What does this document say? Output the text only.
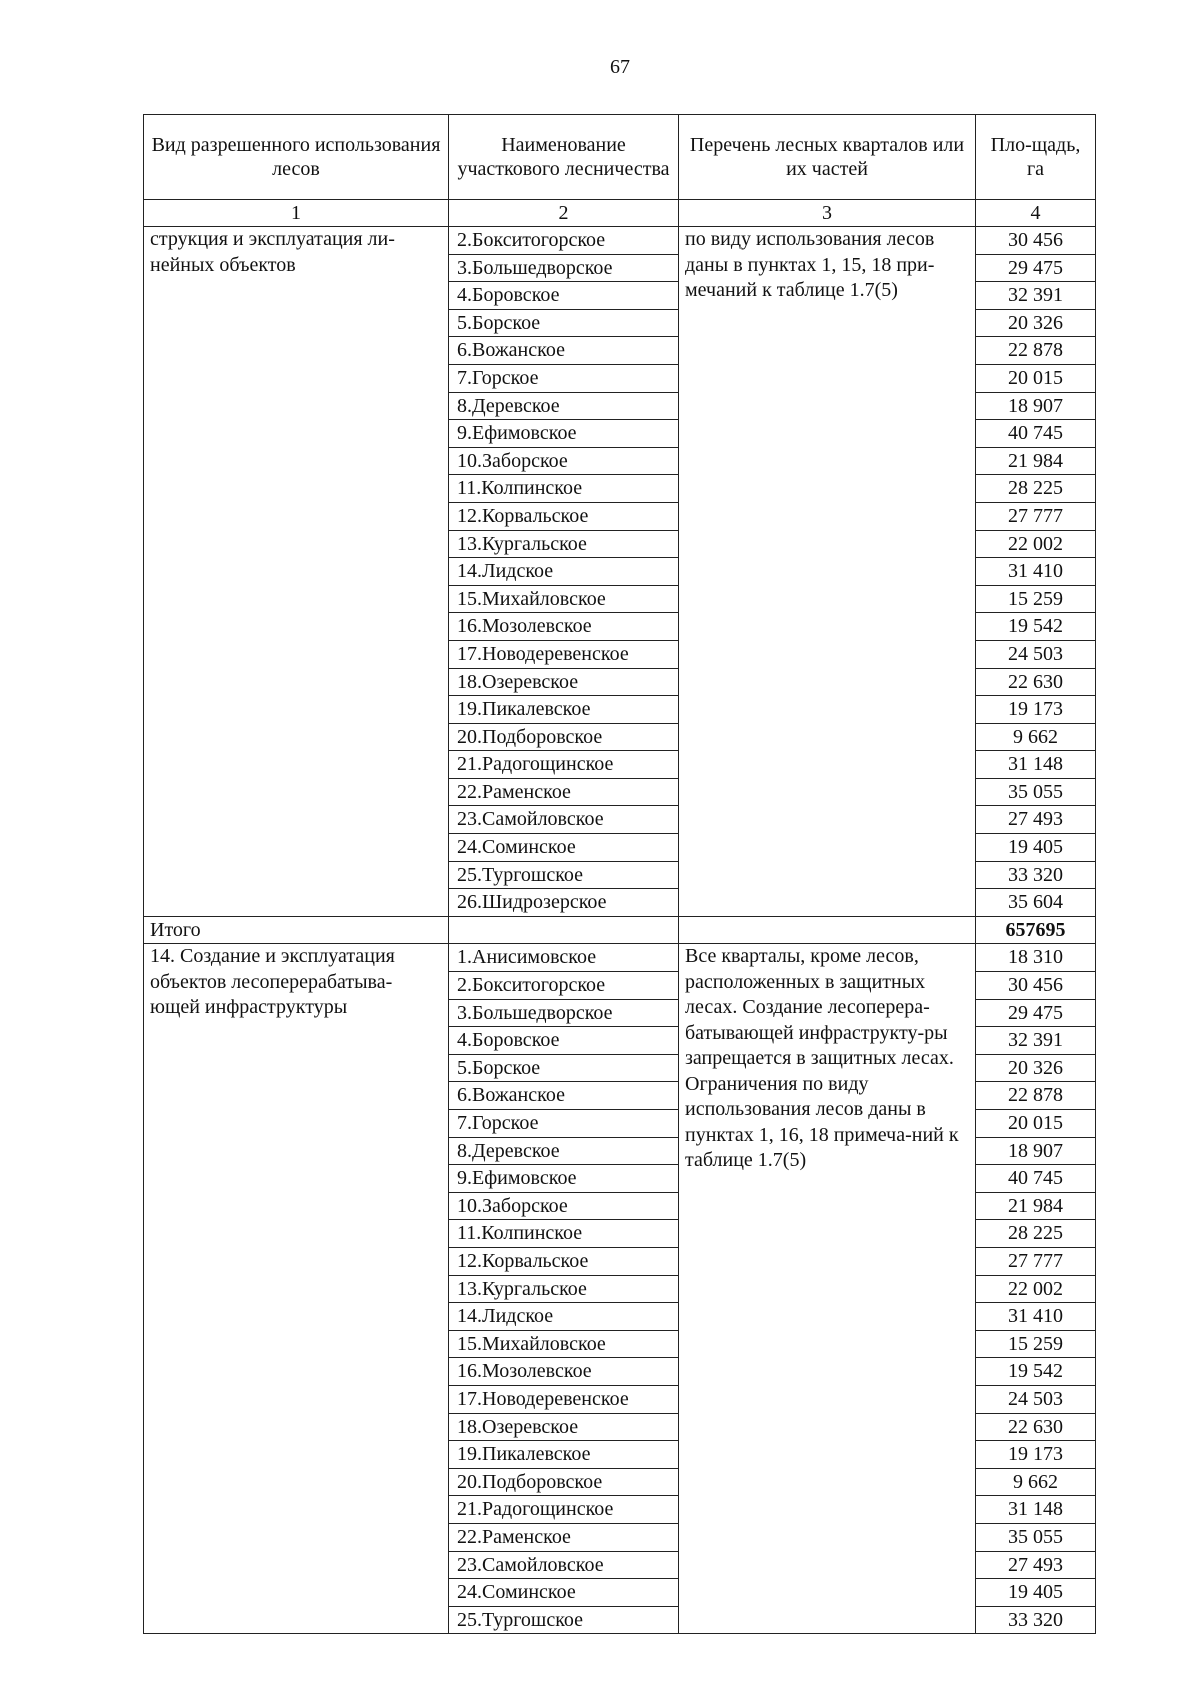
67
Вид разрешенного использования лесов	Наименование участкового лесничества	Перечень лесных кварталов или их частей	Пло-щадь, га
1	2	3	4
струкция и эксплуатация ли-нейных объектов	2.Бокситогорское	по виду использования лесов даны в пунктах 1, 15, 18 при-мечаний к таблице 1.7(5)	30 456
	3.Большедворское		29 475
	4.Боровское		32 391
	5.Борское		20 326
	6.Вожанское		22 878
	7.Горское		20 015
	8.Деревское		18 907
	9.Ефимовское		40 745
	10.Заборское		21 984
	11.Колпинское		28 225
	12.Корвальское		27 777
	13.Кургальское		22 002
	14.Лидское		31 410
	15.Михайловское		15 259
	16.Мозолевское		19 542
	17.Новодеревенское		24 503
	18.Озеревское		22 630
	19.Пикалевское		19 173
	20.Подборовское		9 662
	21.Радогощинское		31 148
	22.Раменское		35 055
	23.Самойловское		27 493
	24.Соминское		19 405
	25.Тургошское		33 320
	26.Шидрозерское		35 604
Итого			657695
14. Создание и эксплуатация объектов лесоперерабатыва-ющей инфраструктуры	1.Анисимовское	Все кварталы, кроме лесов, расположенных в защитных лесах. Создание лесоперера-батывающей инфраструкту-ры запрещается в защитных лесах. Ограничения по виду использования лесов даны в пунктах 1, 16, 18 примеча-ний к таблице 1.7(5)	18 310
	2.Бокситогорское		30 456
	3.Большедворское		29 475
	4.Боровское		32 391
	5.Борское		20 326
	6.Вожанское		22 878
	7.Горское		20 015
	8.Деревское		18 907
	9.Ефимовское		40 745
	10.Заборское		21 984
	11.Колпинское		28 225
	12.Корвальское		27 777
	13.Кургальское		22 002
	14.Лидское		31 410
	15.Михайловское		15 259
	16.Мозолевское		19 542
	17.Новодеревенское		24 503
	18.Озеревское		22 630
	19.Пикалевское		19 173
	20.Подборовское		9 662
	21.Радогощинское		31 148
	22.Раменское		35 055
	23.Самойловское		27 493
	24.Соминское		19 405
	25.Тургошское		33 320
